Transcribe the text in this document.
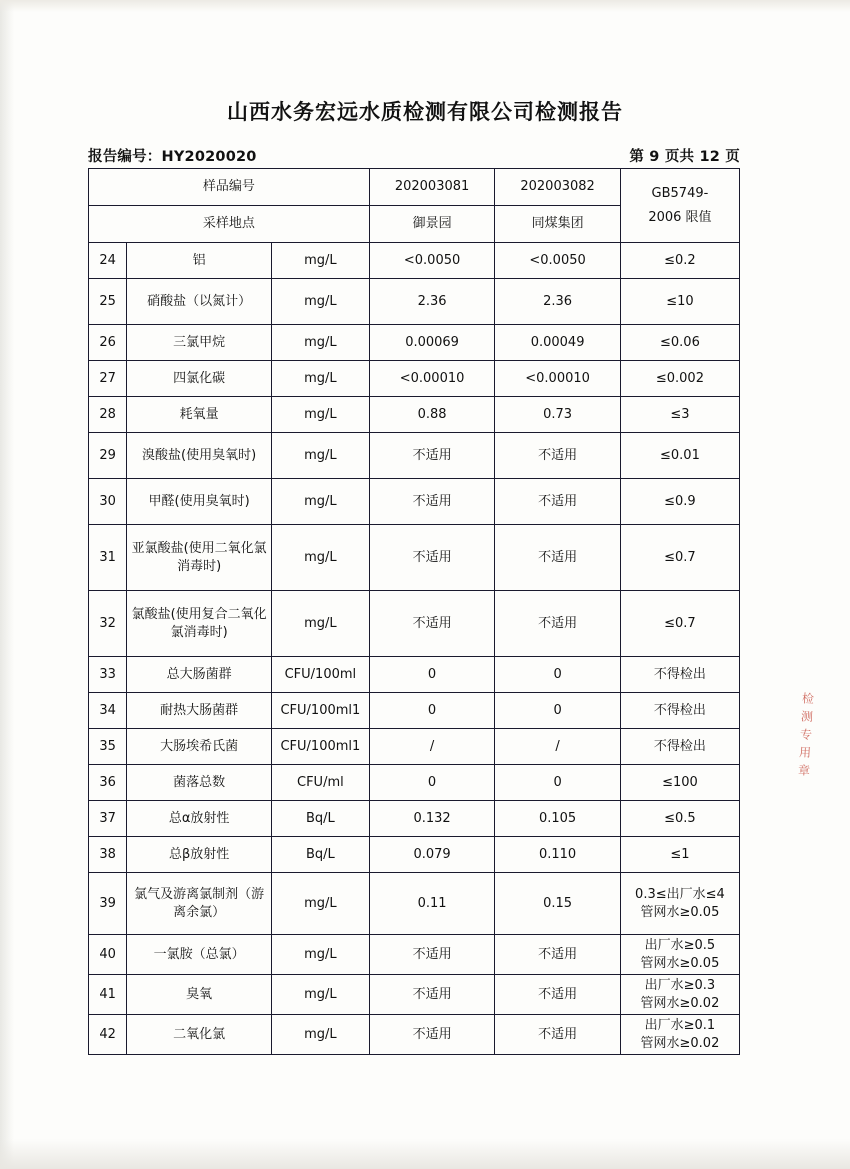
山西水务宏远水质检测有限公司检测报告
报告编号：HY2020020	第 9 页共 12 页
样品编号			202003081	202003082	GB5749-
2006 限值

采样地点			御景园	同煤集团	
24	铝	mg/L	<0.0050	<0.0050	≤0.2
25	硝酸盐（以氮计）	mg/L	2.36	2.36	≤10
26	三氯甲烷	mg/L	0.00069	0.00049	≤0.06
27	四氯化碳	mg/L	<0.00010	<0.00010	≤0.002
28	耗氧量	mg/L	0.88	0.73	≤3
29	溴酸盐(使用臭氧时)	mg/L	不适用	不适用	≤0.01
30	甲醛(使用臭氧时)	mg/L	不适用	不适用	≤0.9
31	亚氯酸盐(使用二氧化氯消毒时)	mg/L	不适用	不适用	≤0.7
32	氯酸盐(使用复合二氧化氯消毒时)	mg/L	不适用	不适用	≤0.7
33	总大肠菌群	CFU/100ml	0	0	不得检出
34	耐热大肠菌群	CFU/100ml1	0	0	不得检出
35	大肠埃希氏菌	CFU/100ml1	/	/	不得检出
36	菌落总数	CFU/ml	0	0	≤100
37	总α放射性	Bq/L	0.132	0.105	≤0.5
38	总β放射性	Bq/L	0.079	0.110	≤1
39	氯气及游离氯制剂（游离余氯）	mg/L	0.11	0.15	0.3≤出厂水≤4
管网水≥0.05

40	一氯胺（总氯）	mg/L	不适用	不适用	出厂水≥0.5
管网水≥0.05

41	臭氧	mg/L	不适用	不适用	出厂水≥0.3
管网水≥0.02

42	二氧化氯	mg/L	不适用	不适用	出厂水≥0.1
管网水≥0.02
检
测
专
用
章
